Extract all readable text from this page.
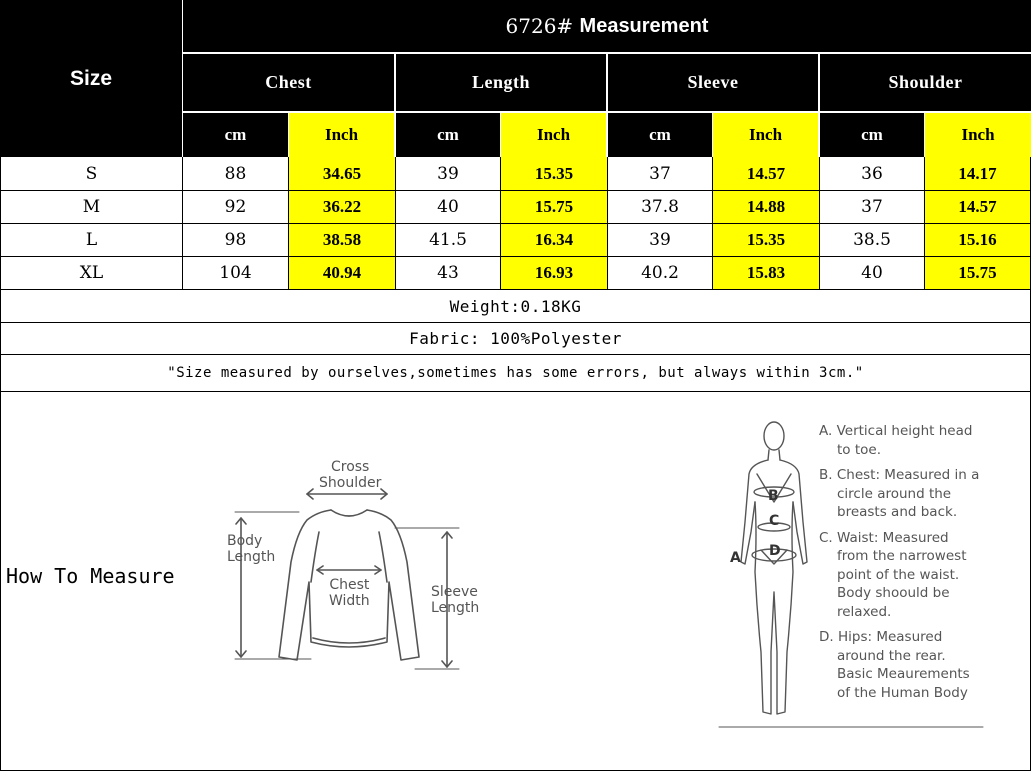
Size
6726#
Measurement
Chest	Length	Sleeve	Shoulder
cm	Inch	cm	Inch	cm	Inch	cm	Inch
S	88	34.65	39	15.35	37	14.57	36	14.17
M	92	36.22	40	15.75	37.8	14.88	37	14.57
L	98	38.58	41.5	16.34	39	15.35	38.5	15.16
XL	104	40.94	43	16.93	40.2	15.83	40	15.75
Weight:0.18KG
Fabric: 100%Polyester
"Size measured by ourselves,sometimes has some errors, but always within 3cm."
How To Measure
Cross
Shoulder
Body
Length
Chest
Width
Sleeve
Length
B
C
D
A
A. Vertical height head
to toe.
B. Chest: Measured in a
circle around the
breasts and back.
C. Waist: Measured
from the narrowest
point of the waist.
Body shoould be
relaxed.
D. Hips: Measured
around the rear.
Basic Meaurements
of the Human Body
